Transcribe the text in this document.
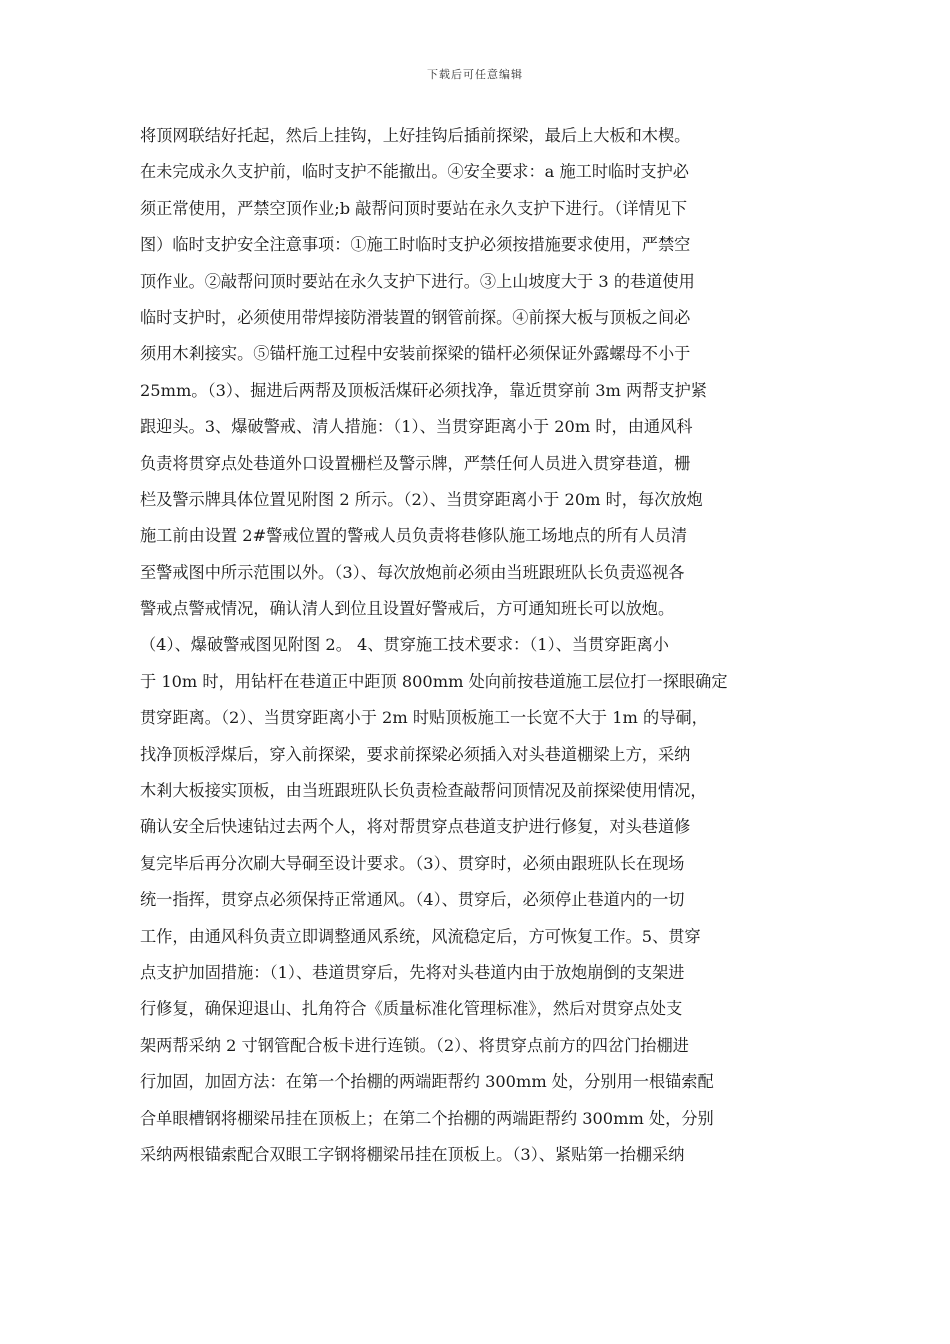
下载后可任意编辑
将顶网联结好托起，然后上挂钩，上好挂钩后插前探梁，最后上大板和木楔。
在未完成永久支护前，临时支护不能撤出。④安全要求：a 施工时临时支护必
须正常使用，严禁空顶作业;b 敲帮问顶时要站在永久支护下进行。（详情见下
图）临时支护安全注意事项：①施工时临时支护必须按措施要求使用，严禁空
顶作业。②敲帮问顶时要站在永久支护下进行。③上山坡度大于 3 的巷道使用
临时支护时，必须使用带焊接防滑装置的钢管前探。④前探大板与顶板之间必
须用木剎接实。⑤锚杆施工过程中安装前探梁的锚杆必须保证外露螺母不小于
25mm。（3）、掘进后两帮及顶板活煤矸必须找净，靠近贯穿前 3m 两帮支护紧
跟迎头。3、爆破警戒、清人措施：（1）、当贯穿距离小于 20m 时，由通风科
负责将贯穿点处巷道外口设置栅栏及警示牌，严禁任何人员进入贯穿巷道，栅
栏及警示牌具体位置见附图 2 所示。（2）、当贯穿距离小于 20m 时，每次放炮
施工前由设置 2#警戒位置的警戒人员负责将巷修队施工场地点的所有人员清
至警戒图中所示范围以外。（3）、每次放炮前必须由当班跟班队长负责巡视各
警戒点警戒情况，确认清人到位且设置好警戒后，方可通知班长可以放炮。
（4）、爆破警戒图见附图 2。 4、贯穿施工技术要求：（1）、当贯穿距离小
于 10m 时，用钻杆在巷道正中距顶 800mm 处向前按巷道施工层位打一探眼确定
贯穿距离。（2）、当贯穿距离小于 2m 时贴顶板施工一长宽不大于 1m 的导硐，
找净顶板浮煤后，穿入前探梁，要求前探梁必须插入对头巷道棚梁上方，采纳
木剎大板接实顶板，由当班跟班队长负责检查敲帮问顶情况及前探梁使用情况，
确认安全后快速钻过去两个人，将对帮贯穿点巷道支护进行修复，对头巷道修
复完毕后再分次刷大导硐至设计要求。（3）、贯穿时，必须由跟班队长在现场
统一指挥，贯穿点必须保持正常通风。（4）、贯穿后，必须停止巷道内的一切
工作，由通风科负责立即调整通风系统，风流稳定后，方可恢复工作。5、贯穿
点支护加固措施：（1）、巷道贯穿后，先将对头巷道内由于放炮崩倒的支架进
行修复，确保迎退山、扎角符合《质量标准化管理标准》，然后对贯穿点处支
架两帮采纳 2 寸钢管配合板卡进行连锁。（2）、将贯穿点前方的四岔门抬棚进
行加固，加固方法：在第一个抬棚的两端距帮约 300mm 处，分别用一根锚索配
合单眼槽钢将棚梁吊挂在顶板上；在第二个抬棚的两端距帮约 300mm 处，分别
采纳两根锚索配合双眼工字钢将棚梁吊挂在顶板上。（3）、紧贴第一抬棚采纳
